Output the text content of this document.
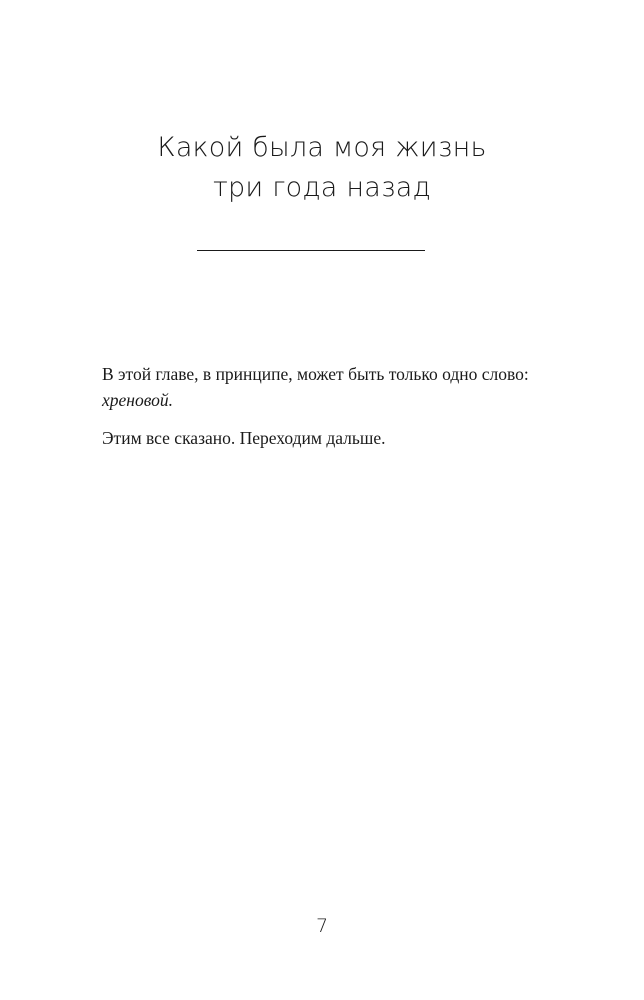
Какой была моя жизнь
три года назад

В этой главе, в принципе, может быть только одно слово: хреновой.

Этим все сказано. Переходим дальше.

7
